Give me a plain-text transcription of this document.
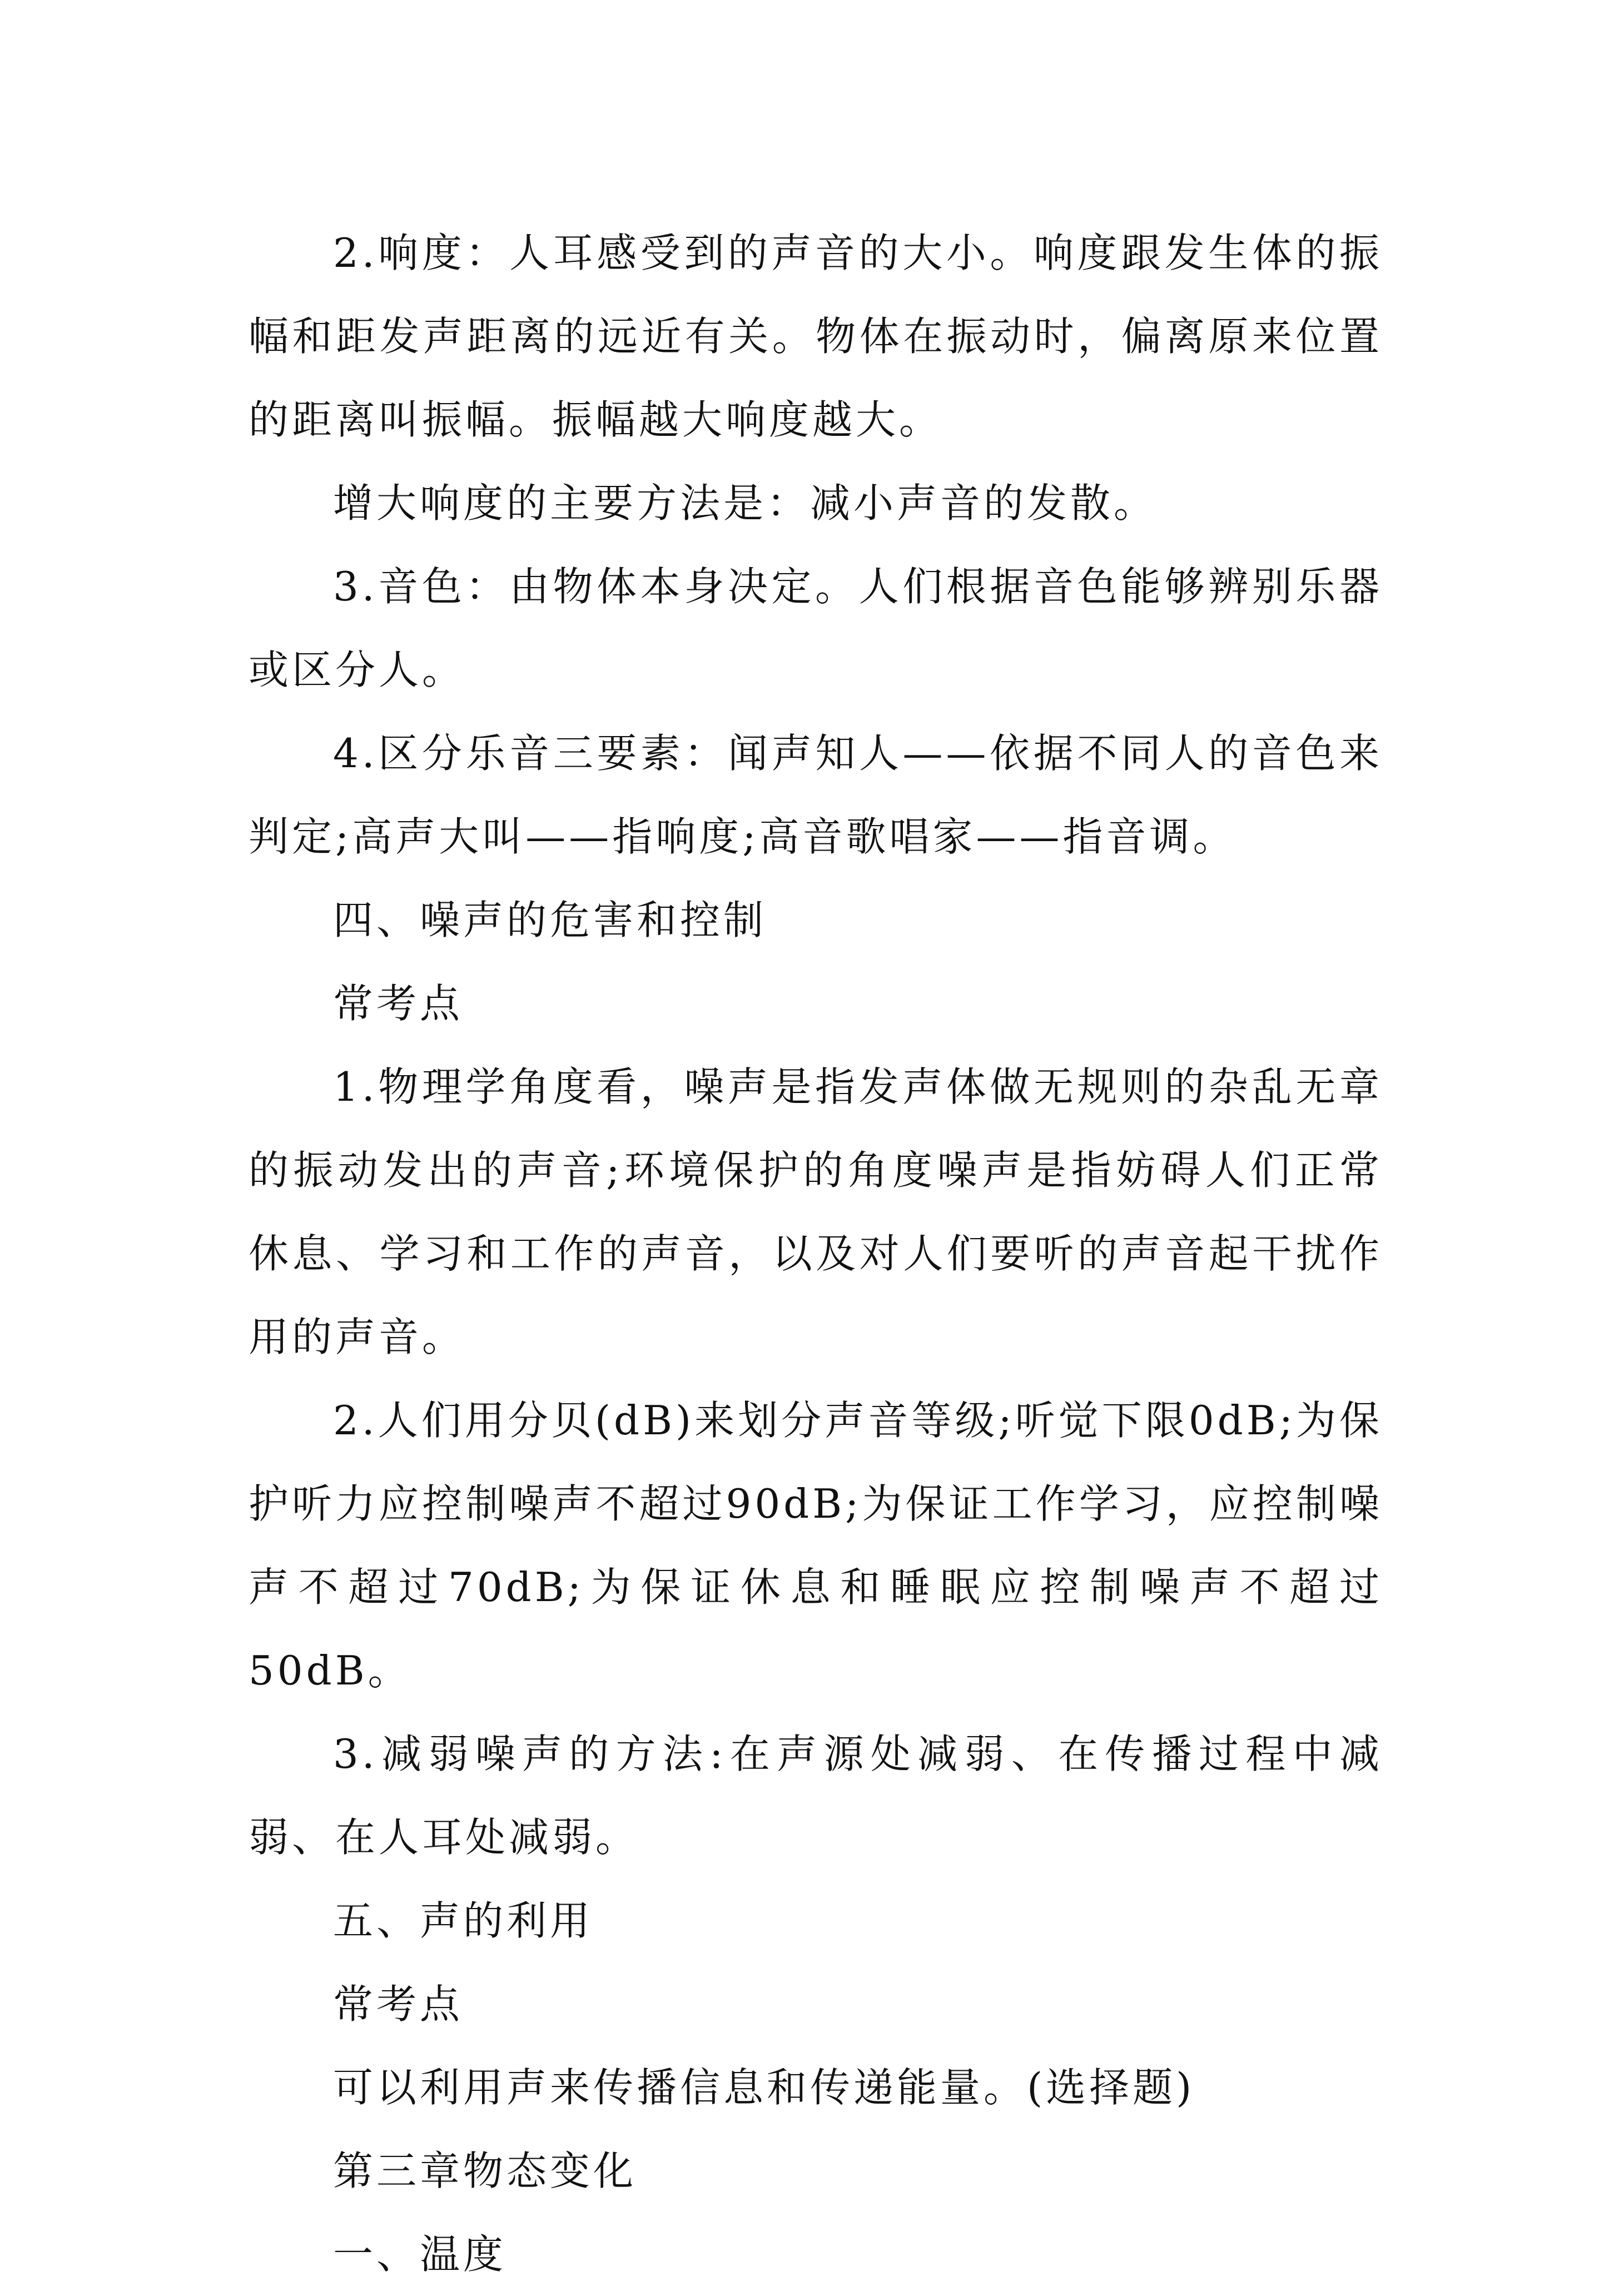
2.响度：人耳感受到的声音的大小。响度跟发生体的振幅和距发声距离的远近有关。物体在振动时，偏离原来位置的距离叫振幅。振幅越大响度越大。

增大响度的主要方法是：减小声音的发散。

3.音色：由物体本身决定。人们根据音色能够辨别乐器或区分人。

4.区分乐音三要素：闻声知人——依据不同人的音色来判定;高声大叫——指响度;高音歌唱家——指音调。

四、噪声的危害和控制

常考点

1.物理学角度看，噪声是指发声体做无规则的杂乱无章的振动发出的声音;环境保护的角度噪声是指妨碍人们正常休息、学习和工作的声音，以及对人们要听的声音起干扰作用的声音。

2.人们用分贝(dB)来划分声音等级;听觉下限0dB;为保护听力应控制噪声不超过90dB;为保证工作学习，应控制噪声不超过70dB;为保证休息和睡眠应控制噪声不超过50dB。

3.减弱噪声的方法:在声源处减弱、在传播过程中减弱、在人耳处减弱。

五、声的利用

常考点

可以利用声来传播信息和传递能量。(选择题)

第三章物态变化

一、温度
